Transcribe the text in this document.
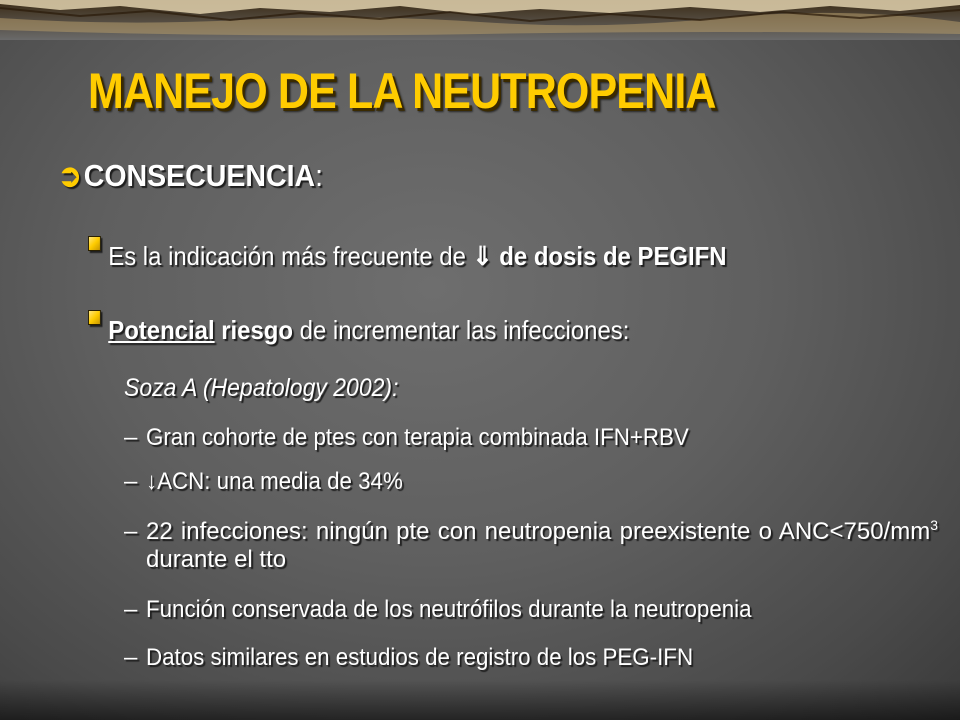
MANEJO DE LA NEUTROPENIA
➲CONSECUENCIA:
Es la indicación más frecuente de ⇓ de dosis de PEGIFN
Potencial riesgo de incrementar las infecciones:
Soza A (Hepatology 2002):
– Gran cohorte de ptes con terapia combinada IFN+RBV
– ↓ACN: una media de 34%
– 22 infecciones: ningún pte con neutropenia preexistente o $ANC<750/mm^3$ durante el tto
– Función conservada de los neutrófilos durante la neutropenia
– Datos similares en estudios de registro de los PEG-IFN
